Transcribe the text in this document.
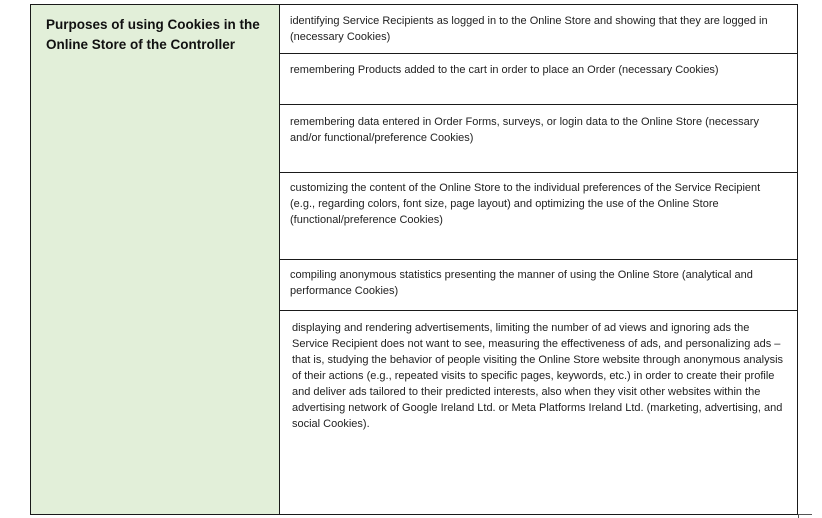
Purposes of using Cookies in the Online Store of the Controller
identifying Service Recipients as logged in to the Online Store and showing that they are logged in (necessary Cookies)
remembering Products added to the cart in order to place an Order (necessary Cookies)
remembering data entered in Order Forms, surveys, or login data to the Online Store (necessary and/or functional/preference Cookies)
customizing the content of the Online Store to the individual preferences of the Service Recipient (e.g., regarding colors, font size, page layout) and optimizing the use of the Online Store (functional/preference Cookies)
compiling anonymous statistics presenting the manner of using the Online Store (analytical and performance Cookies)
displaying and rendering advertisements, limiting the number of ad views and ignoring ads the Service Recipient does not want to see, measuring the effectiveness of ads, and personalizing ads – that is, studying the behavior of people visiting the Online Store website through anonymous analysis of their actions (e.g., repeated visits to specific pages, keywords, etc.) in order to create their profile and deliver ads tailored to their predicted interests, also when they visit other websites within the advertising network of Google Ireland Ltd. or Meta Platforms Ireland Ltd. (marketing, advertising, and social Cookies).
